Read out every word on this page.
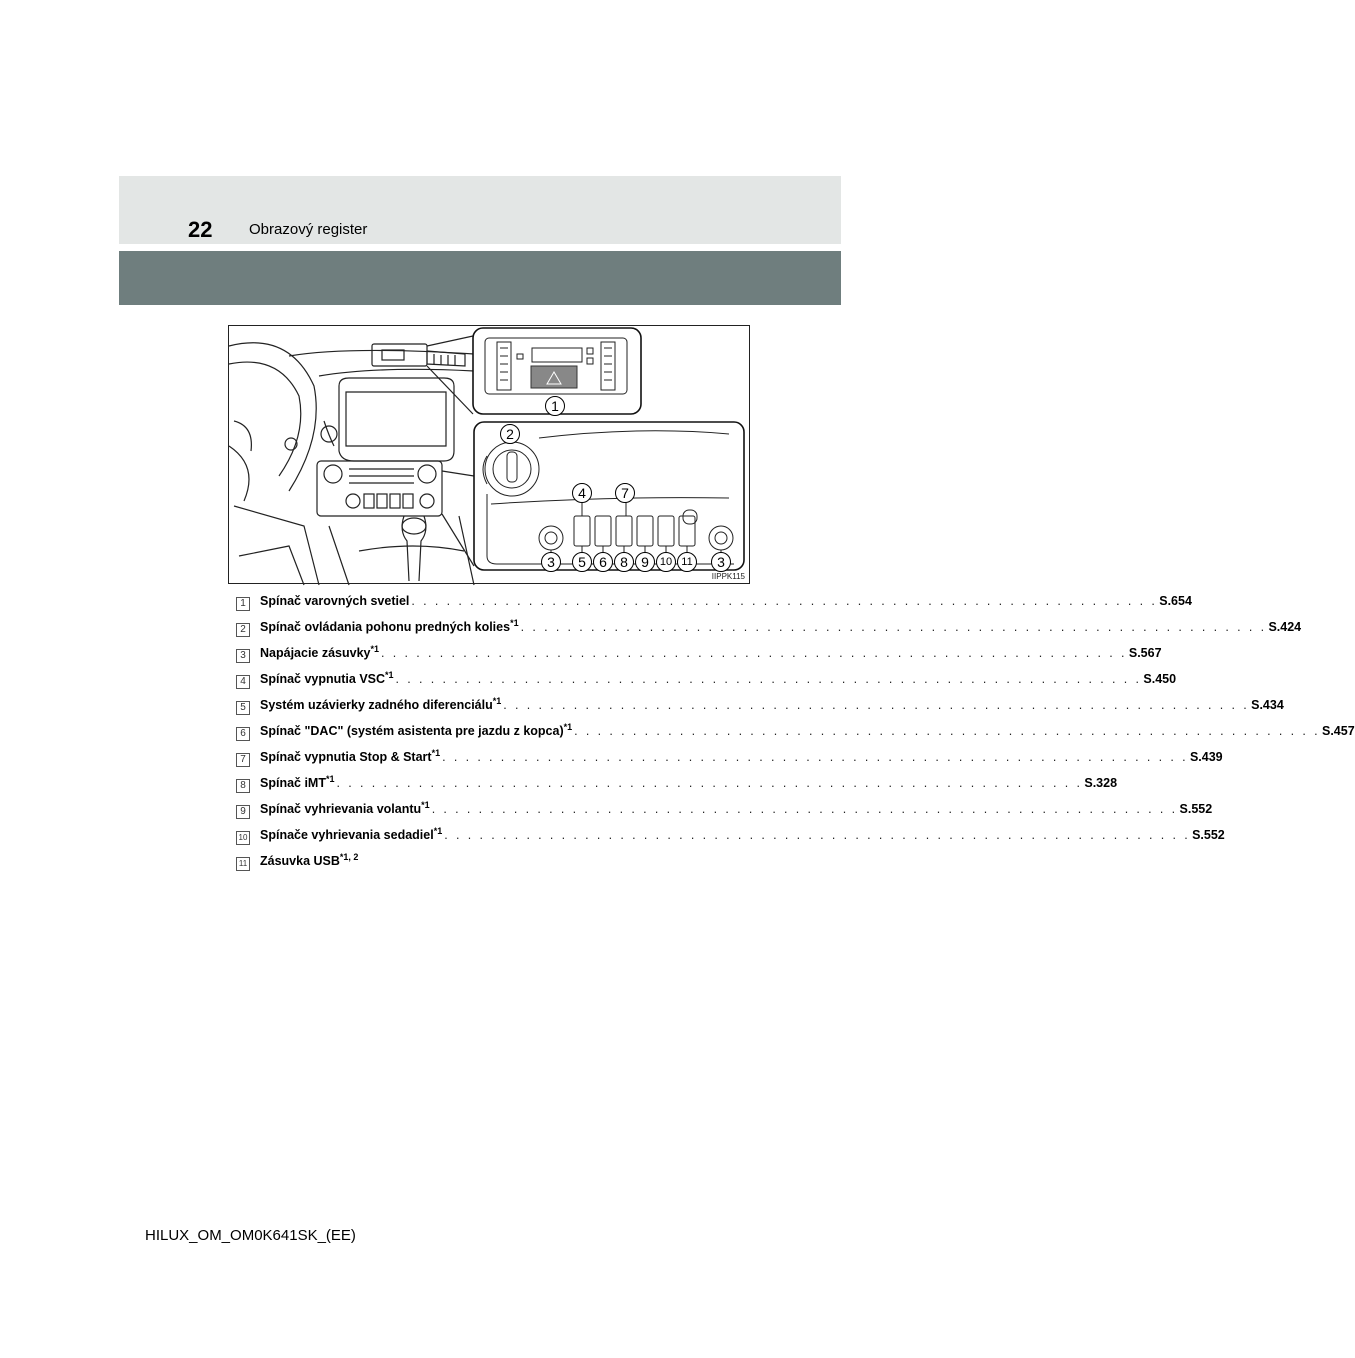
22 Obrazový register
1
2
4	7
3	5 6 8 9 10 11	3
IIPPK115
1	Spínač varovných svetiel . . . . . . . . . . . . . . . . . . . . . . . . . . . . . . . . . . . . . . . . . . . . . . . . . . . . . . . . . . . . . . . . S.654
2	Spínač ovládania pohonu predných kolies$^{*1}$ . . . . . . . . . . . . . . . . . . . . . . . . . . . . . . . . . . . . . . . . . . . . . . . . . . . . . . . . . . . . . . . . S.424
3	Napájacie zásuvky$^{*1}$ . . . . . . . . . . . . . . . . . . . . . . . . . . . . . . . . . . . . . . . . . . . . . . . . . . . . . . . . . . . . . . . . S.567
4	Spínač vypnutia VSC$^{*1}$ . . . . . . . . . . . . . . . . . . . . . . . . . . . . . . . . . . . . . . . . . . . . . . . . . . . . . . . . . . . . . . . . S.450
5	Systém uzávierky zadného diferenciálu$^{*1}$ . . . . . . . . . . . . . . . . . . . . . . . . . . . . . . . . . . . . . . . . . . . . . . . . . . . . . . . . . . . . . . . . S.434
6	Spínač "DAC" (systém asistenta pre jazdu z kopca)$^{*1}$ . . . . . . . . . . . . . . . . . . . . . . . . . . . . . . . . . . . . . . . . . . . . . . . . . . . . . . . . . . . . . . . . S.457
7	Spínač vypnutia Stop & Start$^{*1}$ . . . . . . . . . . . . . . . . . . . . . . . . . . . . . . . . . . . . . . . . . . . . . . . . . . . . . . . . . . . . . . . . S.439
8	Spínač iMT$^{*1}$ . . . . . . . . . . . . . . . . . . . . . . . . . . . . . . . . . . . . . . . . . . . . . . . . . . . . . . . . . . . . . . . . S.328
9	Spínač vyhrievania volantu$^{*1}$ . . . . . . . . . . . . . . . . . . . . . . . . . . . . . . . . . . . . . . . . . . . . . . . . . . . . . . . . . . . . . . . . S.552
10 Spínače vyhrievania sedadiel$^{*1}$ . . . . . . . . . . . . . . . . . . . . . . . . . . . . . . . . . . . . . . . . . . . . . . . . . . . . . . . . . . . . . . . . S.552
11 Zásuvka USB$^{*1, 2}$
HILUX_OM_OM0K641SK_(EE)
